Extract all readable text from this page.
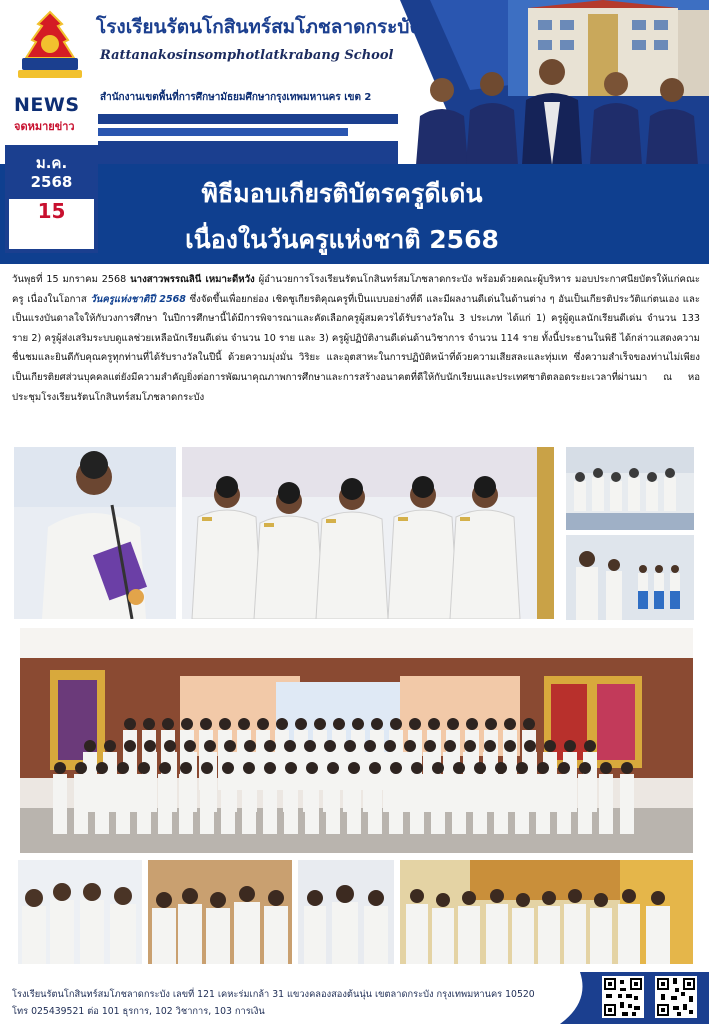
NEWS
จดหมายข่าว
โรงเรียนรัตนโกสินทร์สมโภชลาดกระบัง
Rattanakosinsomphotlatkrabang School
สำนักงานเขตพื้นที่การศึกษามัธยมศึกษากรุงเทพมหานคร เขต 2
ม.ค.
2568
15
พิธีมอบเกียรติบัตรครูดีเด่น
เนื่องในวันครูแห่งชาติ 2568
วันพุธที่ 15 มกราคม 2568 นางสาวพรรณลินี เหมาะดีหวัง ผู้อำนวยการโรงเรียนรัตนโกสินทร์สมโภชลาดกระบัง พร้อมด้วยคณะผู้บริหาร มอบประกาศนียบัตรให้แก่คณะครู เนื่องในโอกาส วันครูแห่งชาติปี 2568 ซึ่งจัดขึ้นเพื่อยกย่อง เชิดชูเกียรติคุณครูที่เป็นแบบอย่างที่ดี และมีผลงานดีเด่นในด้านต่าง ๆ อันเป็นเกียรติประวัติแก่ตนเอง และเป็นแรงบันดาลใจให้กับวงการศึกษา ในปีการศึกษานี้ได้มีการพิจารณาและคัดเลือกครูผู้สมควรได้รับรางวัลใน 3 ประเภท ได้แก่ 1) ครูผู้ดูแลนักเรียนดีเด่น จำนวน 133 ราย 2) ครูผู้ส่งเสริมระบบดูแลช่วยเหลือนักเรียนดีเด่น จำนวน 10 ราย และ 3) ครูผู้ปฏิบัติงานดีเด่นด้านวิชาการ จำนวน 114 ราย ทั้งนี้ประธานในพิธี ได้กล่าวแสดงความชื่นชมและยินดีกับคุณครูทุกท่านที่ได้รับรางวัลในปีนี้ ด้วยความมุ่งมั่น วิริยะ และอุตสาหะในการปฏิบัติหน้าที่ด้วยความเสียสละและทุ่มเท ซึ่งความสำเร็จของท่านไม่เพียงเป็นเกียรติยศส่วนบุคคลแต่ยังมีความสำคัญยิ่งต่อการพัฒนาคุณภาพการศึกษาและการสร้างอนาคตที่ดีให้กับนักเรียนและประเทศชาติตลอดระยะเวลาที่ผ่านมา ณ หอประชุมโรงเรียนรัตนโกสินทร์สมโภชลาดกระบัง
โรงเรียนรัตนโกสินทร์สมโภชลาดกระบัง เลขที่ 121 เคหะร่มเกล้า 31 แขวงคลองสองต้นนุ่น เขตลาดกระบัง กรุงเทพมหานคร 10520
โทร 025439521 ต่อ 101 ธุรการ, 102 วิชาการ, 103 การเงิน
